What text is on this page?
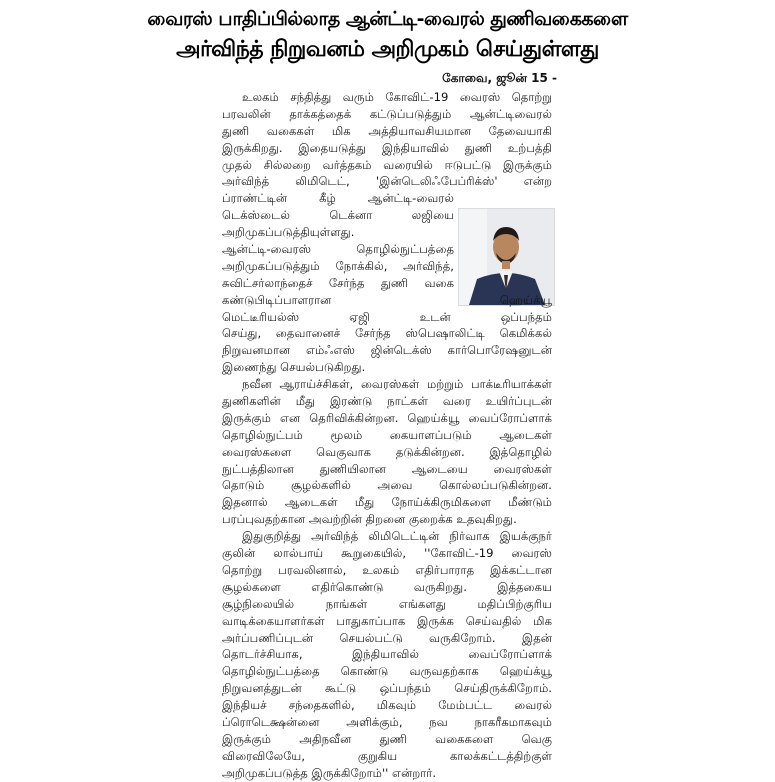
வைரஸ் பாதிப்பில்லாத ஆன்ட்டி-வைரல் துணிவகைகளை
அர்விந்த் நிறுவனம் அறிமுகம் செய்துள்ளது
கோவை, ஜூன் 15 -
உலகம் சந்தித்து வரும் கோவிட்-19 வைரஸ் தொற்று
பரவலின் தாக்கத்தைக் கட்டுப்படுத்தும் ஆன்ட்டிவைரல்
துணி வகைகள் மிக அத்தியாவசியமான தேவையாகி
இருக்கிறது. இதையடுத்து இந்தியாவில் துணி உற்பத்தி
முதல் சில்லறை வர்த்தகம் வரையில் ஈடுபட்டு இருக்கும்
அர்விந்த் லிமிடெட், 'இன்டெலிஃபேப்ரிக்ஸ்' என்ற
ப்ராண்ட்டின் கீழ் ஆன்ட்டி-வைரல்
டெக்ஸ்டைல் டெக்னா லஜியை
அறிமுகப்படுத்தியுள்ளது.
ஆன்ட்டி-வைரஸ் தொழில்நுட்பத்தை
அறிமுகப்படுத்தும் நோக்கில், அர்விந்த்,
சுவிட்சர்லாந்தைச் சேர்ந்த துணி வகை
கண்டுபிடிப்பாளரான ஹெய்க்யூ
மெட்டீரியல்ஸ் ஏஜி உடன் ஒப்பந்தம்
செய்து, தைவானைச் சேர்ந்த ஸ்பெஷாலிட்டி கெமிக்கல்
நிறுவனமான எம்ஃஎஸ் ஜின்டெக்ஸ் கார்பொரேஷனுடன்
இணைந்து செயல்படுகிறது.
நவீன ஆராய்ச்சிகள், வைரஸ்கள் மற்றும் பாக்டீரியாக்கள்
துணிகளின் மீது இரண்டு நாட்கள் வரை உயிர்ப்புடன்
இருக்கும் என தெரிவிக்கின்றன. ஹெய்க்யூ வைப்ரோப்ளாக்
தொழில்நுட்பம் மூலம் கையாளப்படும் ஆடைகள்
வைரஸ்களை வெகுவாக தடுக்கின்றன. இத்தொழில்
நுட்பத்திலான துணியிலான ஆடையை வைரஸ்கள்
தொடும் சூழல்களில் அவை கொல்லப்படுகின்றன.
இதனால் ஆடைகள் மீது நோய்க்கிருமிகளை மீண்டும்
பரப்புவதற்கான அவற்றின் திறனை குறைக்க உதவுகிறது.
இதுகுறித்து அர்விந்த் லிமிடெட்டின் நிர்வாக இயக்குநர்
குலின் லால்பாய் கூறுகையில், ''கோவிட்-19 வைரஸ்
தொற்று பரவலினால், உலகம் எதிர்பாராத இக்கட்டான
சூழல்களை எதிர்கொண்டு வருகிறது. இத்தகைய
சூழ்நிலையில் நாங்கள் எங்களது மதிப்பிற்குரிய
வாடிக்கையாளர்கள் பாதுகாப்பாக இருக்க செய்வதில் மிக
அர்ப்பணிப்புடன் செயல்பட்டு வருகிறோம். இதன்
தொடர்ச்சியாக, இந்தியாவில் வைப்ரோப்ளாக்
தொழில்நுட்பத்தை கொண்டு வருவதற்காக ஹெய்க்யூ
நிறுவனத்துடன் கூட்டு ஒப்பந்தம் செய்திருக்கிறோம்.
இந்தியச் சந்தைகளில், மிகவும் மேம்பட்ட வைரல்
ப்ரொடெக்ஷன்னை அளிக்கும், நவ நாகரீகமாகவும்
இருக்கும் அதிநவீன துணி வகைகளை வெகு
விரைவிலேயே, குறுகிய காலக்கட்டத்திற்குள்
அறிமுகப்படுத்த இருக்கிறோம்'' என்றார்.
